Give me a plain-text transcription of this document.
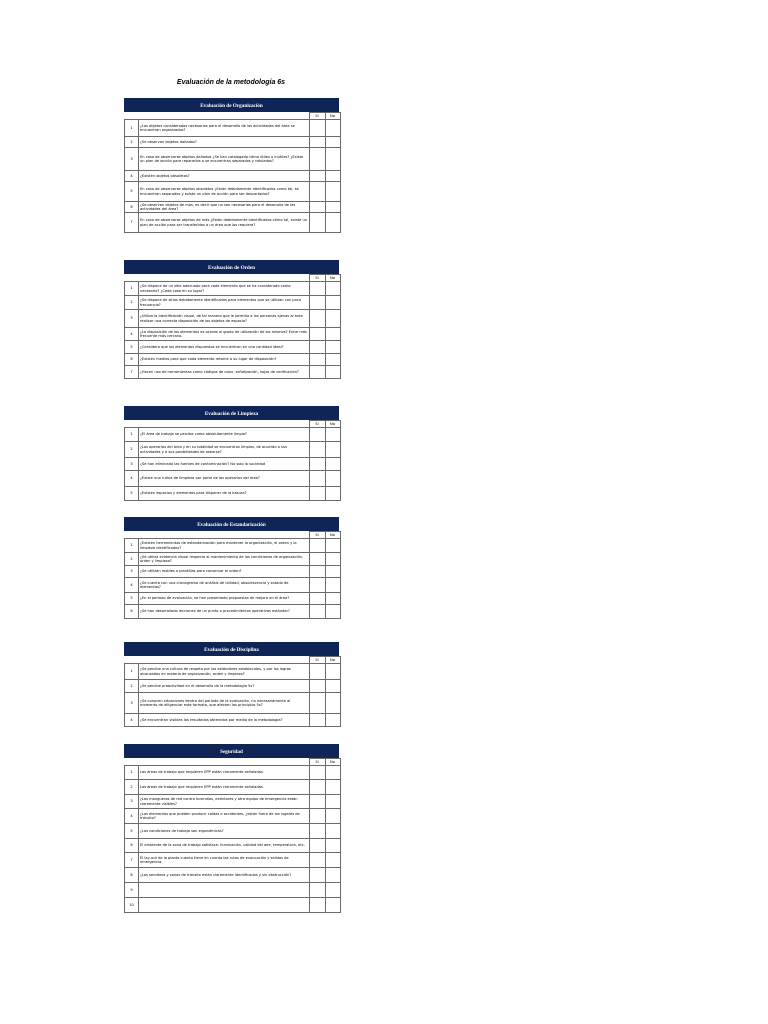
Evaluación de la metodología 6s
Evaluación de Organización
		Si	No
1	¿Los objetos considerados necesarios para el desarrollo de las actividades del área se encuentran organizados?		
2	¿Se observan objetos dañados?		
3	En caso de observarse objetos dañados ¿Se han catalogado cómo útiles o inútiles? ¿Existe un plan de acción para repararlos o se encuentran separados y rotulados?		
4	¿Existen objetos obsoletos?		
5	En caso de observarse objetos obsoletos ¿Están debidamente identificados como tal, se encuentran separados y existe un plan de acción para ser descartados?		
6	¿Se observan objetos de más, es decir que no son necesarios para el desarrollo de las actividades del área?		
7	En caso de observarse objetos de más ¿Están debidamente identificados cómo tal, existe un plan de acción para ser transferidos a un área que los requiera?		
Evaluación de Orden
		Si	No
1	¿Se dispone de un sitio adecuado para cada elemento que se ha considerado como necesario? ¿Cada cosa en su lugar?		
2	¿Se dispone de sitios debidamente identificados para elementos que se utilizan con poca frecuencia?		
3	¿Utiliza la identificación visual, de tal manera que le permita a las personas ajenas al área realizar una correcta disposición de los objetos de espacio?		
4	¿La disposición de los elementos es acorde al grado de utilización de los mismos? Entre más frecuente más cercano.		
5	¿Considera que los elementos dispuestos se encuentran en una cantidad ideal?		
6	¿Existen medios para que cada elemento retorne a su lugar de disposición?		
7	¿Hacen uso de herramientas como códigos de color, señalización, hojas de verificación?		
Evaluación de Limpieza
		Si	No
1	¿El área de trabajo se percibe como absolutamente limpia?		
2	¿Los operarios del área y en su totalidad se encuentran limpios, de acuerdo a sus actividades y a sus posibilidades de asearse?		
3	¿Se han eliminado las fuentes de contaminación? No solo la suciedad		
4	¿Existe una rutina de limpieza por parte de los operarios del área?		
5	¿Existen espacios y elementos para disponer de la basura?		
Evaluación de Estandarización
		Si	No
1	¿Existen herramientas de estandarización para mantener la organización, el orden y la limpieza identificados?		
2	¿Se utiliza evidencia visual respecto al mantenimiento de las condiciones de organización, orden y limpieza?		
3	¿Se utilizan moldes o plantillas para conservar el orden?		
4	¿Se cuenta con una cronograma de análisis de utilidad, obsolescencia y estado de elementos?		
5	¿En el periodo de evaluación, se han presentado propuestas de mejora en el área?		
6	¿Se han desarrollado lecciones de un punto o procedimientos operativos estándar?		
Evaluación de Disciplina
		Si	No
1	¿Se percibe una cultura de respeto por los estándares establecidos, y por los logros alcanzados en materia de organización, orden y limpieza?		
2	¿Se percibe proactividad en el desarrollo de la metodología 5s?		
3	¿Se conocen situaciones dentro del periodo de la evaluación, no necesariamente al momento de diligenciar este formato, que afecten los principios 5s?		
4	¿Se encuentran visibles los resultados obtenidos por medio de la metodología?		
Seguridad
		Si	No
1	Las áreas de trabajo que requieren EPP están claramente señaladas.		
2	Las áreas de trabajo que requieren EPP están claramente señaladas.		
3	¿Las mangueras de red contra incendios, extintores y otro equipo de emergencia están claramente visibles?		
4	¿Los elementos que pueden producir caídas o accidentes, ¿están fuera de los lugares de tránsito?		
5	¿Las condiciones de trabajo son ergonómicas?		
6	El ambiente de la zona de trabajo satisface: iluminación, calidad del aire, temperatura, etc.		
7	El lay-out de la planta cuenta tiene en cuenta las rutas de evacuación y salidas de emergencia.		
8	¿Los senderos y zonas de tránsito están claramente identificados y sin obstrucción?		
9			
10			
